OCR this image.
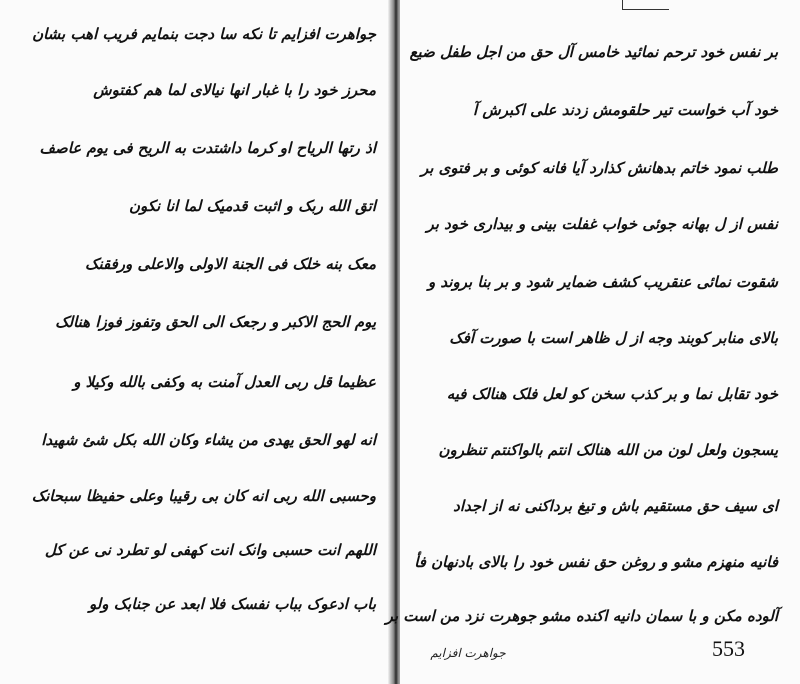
جواهرت افزایم تا نکه سا دجت بنمایم فریب اهب بشان
محرز خود را با غبار انها نیالای لما هم کفتوش
اذ رتها الریاح او کرما داشتدت به الریح فی یوم عاصف
اتق الله ربک و اثبت قدمیک لما انا نکون
معک بنه خلک فی الجنة الاولی والاعلی ورفقنک
یوم الحج الاکبر و رجعک الی الحق وتفوز فوزا هنالک
عظیما قل ربی العدل آمنت به وکفی بالله وکیلا و
انه لهو الحق یهدی من یشاء وکان الله بکل شئ شهیدا
وحسبی الله ربی انه کان بی رقیبا وعلی حفیظا سبحانک
اللهم انت حسبی وانک انت کهفی لو تطرد نی عن کل
باب ادعوک بباب نفسک فلا ابعد عن جنابک ولو
بر نفس خود ترحم نمائید خامس آل حق من اجل طفل ضیع
خود آب خواست تیر حلقومش زدند علی اکبرش آ
طلب نمود خاتم بدهانش کذارد آیا فانه کوئی و بر فتوی بر
نفس از ل بهانه جوئی خواب غفلت بینی و بیداری خود بر
شقوت نمائی عنقریب کشف ضمایر شود و بر بنا بروند و
بالای منابر کوبند وجه از ل ظاهر است با صورت آفک
خود تقابل نما و بر کذب سخن کو لعل فلک هنالک فیه
یسجون ولعل لون من الله هنالک انتم بالواکنتم تنظرون
ای سیف حق مستقیم باش و تیغ برداکنی نه از اجداد
فانیه منهزم مشو و روغن حق نفس خود را بالای بادنهان فأ
آلوده مکن و با سمان دانیه اکنده مشو جوهرت نزد من است بر
جواهرت افزایم	553
